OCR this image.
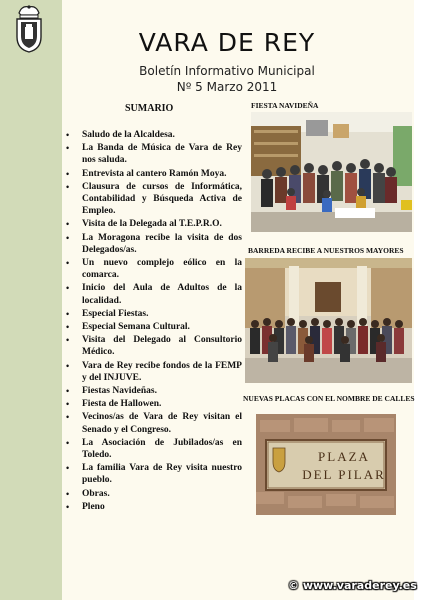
VARA DE REY
Boletín Informativo Municipal
Nº 5 Marzo 2011
SUMARIO
• Saludo de la Alcaldesa.
• La Banda de Música de Vara de Rey nos saluda.
• Entrevista al cantero Ramón Moya.
• Clausura de cursos de Informática, Contabilidad y Búsqueda Activa de Empleo.
• Visita de la Delegada al T.E.P.R.O.
• La Moragona recibe la visita de dos Delegados/as.
• Un nuevo complejo eólico en la comarca.
• Inicio del Aula de Adultos de la localidad.
• Especial Fiestas.
• Especial Semana Cultural.
• Visita del Delegado al Consultorio Médico.
• Vara de Rey recibe fondos de la FEMP y del INJUVE.
• Fiestas Navideñas.
• Fiesta de Hallowen.
• Vecinos/as de Vara de Rey visitan el Senado y el Congreso.
• La Asociación de Jubilados/as en Toledo.
• La familia Vara de Rey visita nuestro pueblo.
• Obras.
• Pleno
FIESTA NAVIDEÑA
BARREDA RECIBE A NUESTROS MAYORES
NUEVAS PLACAS CON EL NOMBRE DE CALLES
PLAZA
DEL PILAR
© www.varaderey.es
